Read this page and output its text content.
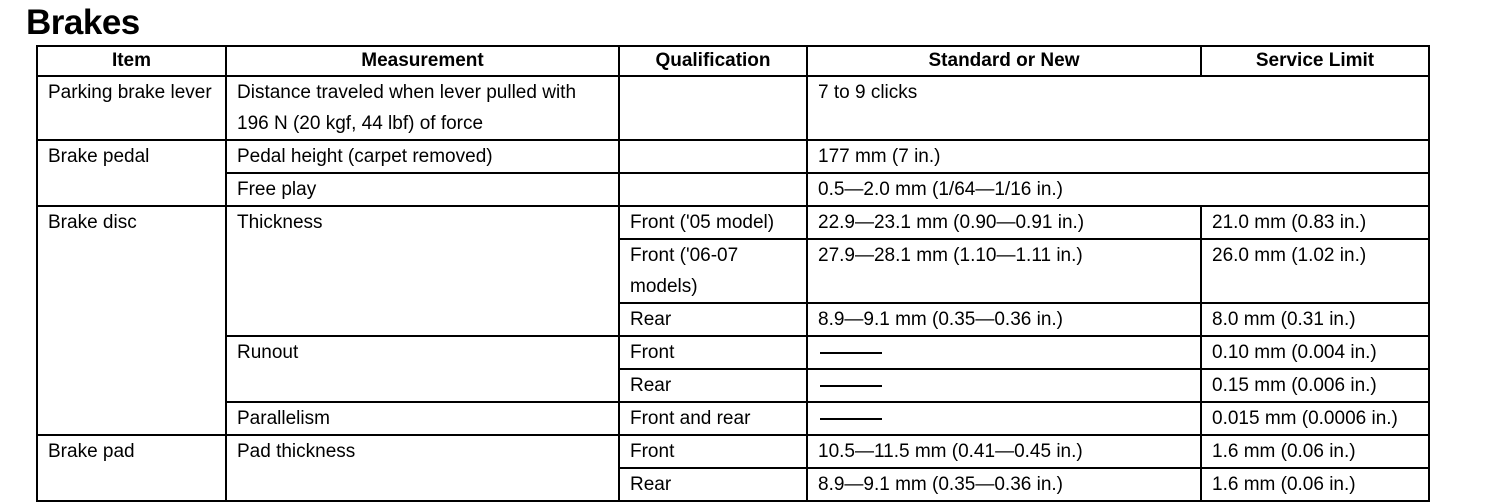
Brakes
Item	Measurement	Qualification	Standard or New	Service Limit
Parking brake lever	Distance traveled when lever pulled with 196 N (20 kgf, 44 lbf) of force		7 to 9 clicks	
Brake pedal	Pedal height (carpet removed)		177 mm (7 in.)	
	Free play		0.5—2.0 mm (1/64—1/16 in.)	
Brake disc	Thickness	Front ('05 model)	22.9—23.1 mm (0.90—0.91 in.)	21.0 mm (0.83 in.)
		Front ('06-07 models)	27.9—28.1 mm (1.10—1.11 in.)	26.0 mm (1.02 in.)
		Rear	8.9—9.1 mm (0.35—0.36 in.)	8.0 mm (0.31 in.)
	Runout	Front		0.10 mm (0.004 in.)
		Rear		0.15 mm (0.006 in.)
	Parallelism	Front and rear		0.015 mm (0.0006 in.)
Brake pad	Pad thickness	Front	10.5—11.5 mm (0.41—0.45 in.)	1.6 mm (0.06 in.)
		Rear	8.9—9.1 mm (0.35—0.36 in.)	1.6 mm (0.06 in.)
